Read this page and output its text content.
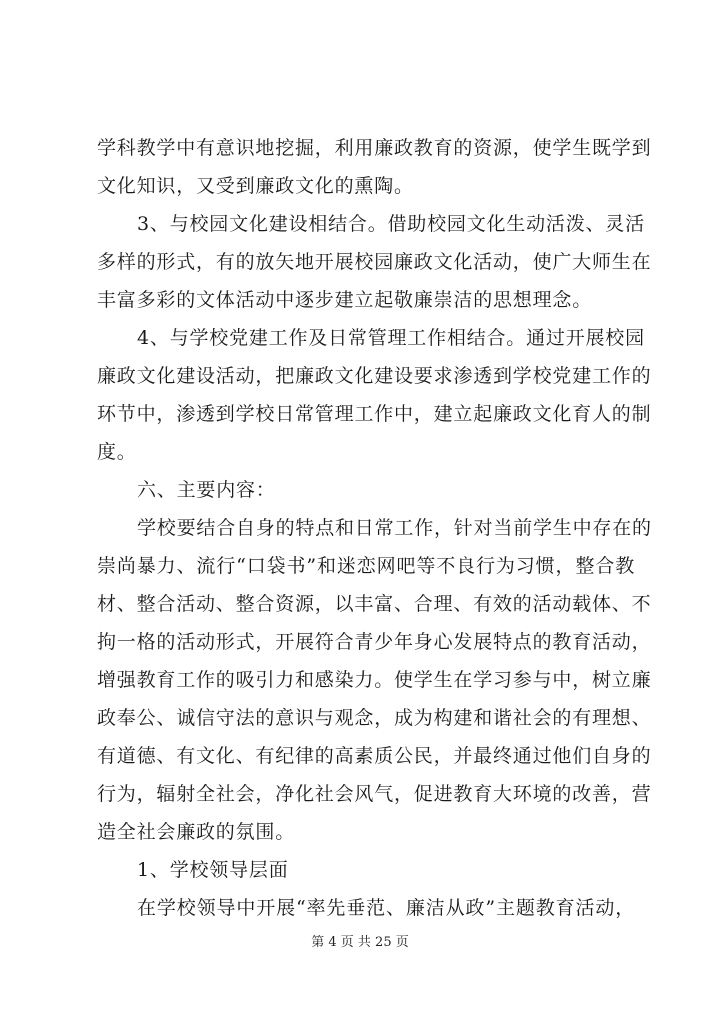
学科教学中有意识地挖掘，利用廉政教育的资源，使学生既学到
文化知识，又受到廉政文化的熏陶。
3、与校园文化建设相结合。借助校园文化生动活泼、灵活
多样的形式，有的放矢地开展校园廉政文化活动，使广大师生在
丰富多彩的文体活动中逐步建立起敬廉崇洁的思想理念。
4、与学校党建工作及日常管理工作相结合。通过开展校园
廉政文化建设活动，把廉政文化建设要求渗透到学校党建工作的
环节中，渗透到学校日常管理工作中，建立起廉政文化育人的制
度。
六、主要内容：
学校要结合自身的特点和日常工作，针对当前学生中存在的
崇尚暴力、流行“口袋书”和迷恋网吧等不良行为习惯，整合教
材、整合活动、整合资源，以丰富、合理、有效的活动载体、不
拘一格的活动形式，开展符合青少年身心发展特点的教育活动，
增强教育工作的吸引力和感染力。使学生在学习参与中，树立廉
政奉公、诚信守法的意识与观念，成为构建和谐社会的有理想、
有道德、有文化、有纪律的高素质公民，并最终通过他们自身的
行为，辐射全社会，净化社会风气，促进教育大环境的改善，营
造全社会廉政的氛围。
1、学校领导层面
在学校领导中开展“率先垂范、廉洁从政”主题教育活动，
第 4 页 共 25 页
